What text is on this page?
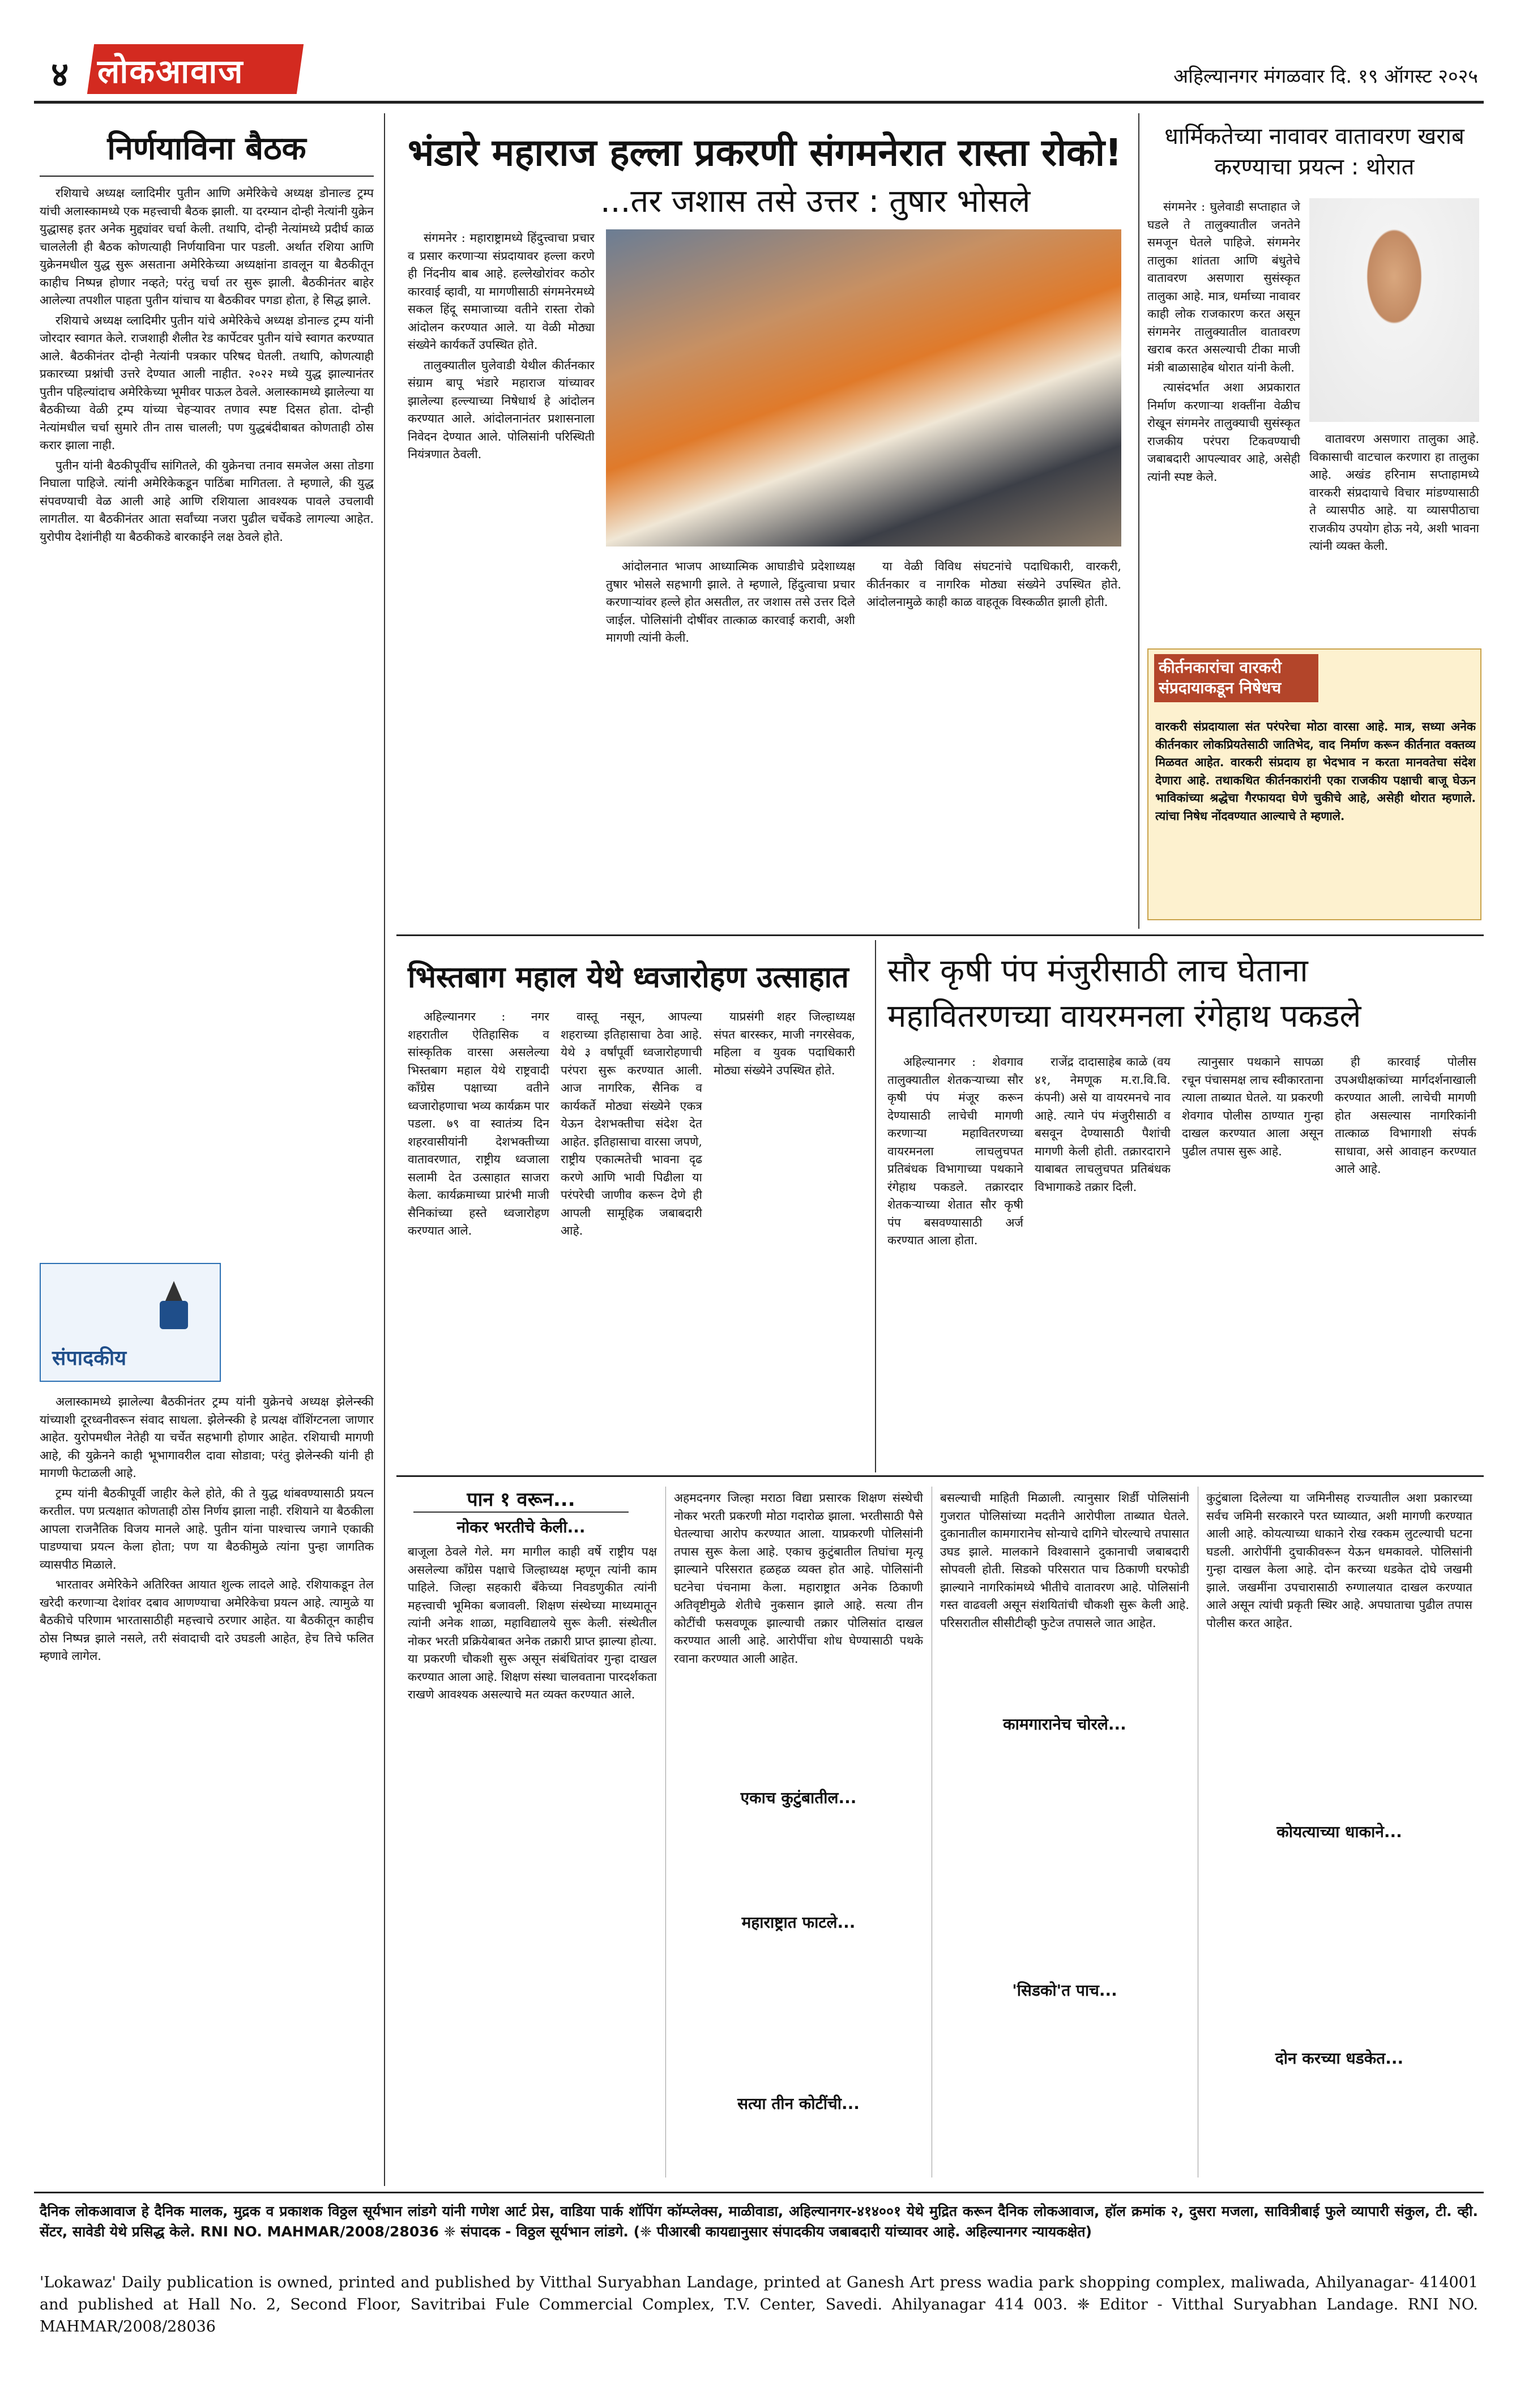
४ लोकआवाज	अहिल्यानगर मंगळवार दि. १९ ऑगस्ट २०२५
निर्णयाविना बैठक

रशियाचे अध्यक्ष व्लादिमीर पुतीन आणि अमेरिकेचे अध्यक्ष डोनाल्ड ट्रम्प यांची अलास्कामध्ये एक महत्त्वाची बैठक झाली. या दरम्यान दोन्ही नेत्यांनी युक्रेन युद्धासह इतर अनेक मुद्द्यांवर चर्चा केली. तथापि, दोन्ही नेत्यांमध्ये प्रदीर्घ काळ चाललेली ही बैठक कोणत्याही निर्णयाविना पार पडली. अर्थात रशिया आणि युक्रेनमधील युद्ध सुरू असताना अमेरिकेच्या अध्यक्षांना डावलून या बैठकीतून काहीच निष्पन्न होणार नव्हते; परंतु चर्चा तर सुरू झाली. बैठकीनंतर बाहेर आलेल्या तपशील पाहता पुतीन यांचाच या बैठकीवर पगडा होता, हे सिद्ध झाले.

रशियाचे अध्यक्ष व्लादिमीर पुतीन यांचे अमेरिकेचे अध्यक्ष डोनाल्ड ट्रम्प यांनी जोरदार स्वागत केले. राजशाही शैलीत रेड कार्पेटवर पुतीन यांचे स्वागत करण्यात आले. बैठकीनंतर दोन्ही नेत्यांनी पत्रकार परिषद घेतली. तथापि, कोणत्याही प्रकारच्या प्रश्नांची उत्तरे देण्यात आली नाहीत. २०२२ मध्ये युद्ध झाल्यानंतर पुतीन पहिल्यांदाच अमेरिकेच्या भूमीवर पाऊल ठेवले. अलास्कामध्ये झालेल्या या बैठकीच्या वेळी ट्रम्प यांच्या चेहऱ्यावर तणाव स्पष्ट दिसत होता. दोन्ही नेत्यांमधील चर्चा सुमारे तीन तास चालली; पण युद्धबंदीबाबत कोणताही ठोस करार झाला नाही.

पुतीन यांनी बैठकीपूर्वीच सांगितले, की युक्रेनचा तनाव समजेल असा तोडगा निघाला पाहिजे. त्यांनी अमेरिकेकडून पाठिंबा मागितला. ते म्हणाले, की युद्ध संपवण्याची वेळ आली आहे आणि रशियाला आवश्यक पावले उचलावी लागतील. या बैठकीनंतर आता सर्वांच्या नजरा पुढील चर्चेकडे लागल्या आहेत. युरोपीय देशांनीही या बैठकीकडे बारकाईने लक्ष ठेवले होते.

संपादकीय

अलास्कामध्ये झालेल्या बैठकीनंतर ट्रम्प यांनी युक्रेनचे अध्यक्ष झेलेन्स्की यांच्याशी दूरध्वनीवरून संवाद साधला. झेलेन्स्की हे प्रत्यक्ष वॉशिंग्टनला जाणार आहेत. युरोपमधील नेतेही या चर्चेत सहभागी होणार आहेत. रशियाची मागणी आहे, की युक्रेनने काही भूभागावरील दावा सोडावा; परंतु झेलेन्स्की यांनी ही मागणी फेटाळली आहे.

ट्रम्प यांनी बैठकीपूर्वी जाहीर केले होते, की ते युद्ध थांबवण्यासाठी प्रयत्न करतील. पण प्रत्यक्षात कोणताही ठोस निर्णय झाला नाही. रशियाने या बैठकीला आपला राजनैतिक विजय मानले आहे. पुतीन यांना पाश्चात्त्य जगाने एकाकी पाडण्याचा प्रयत्न केला होता; पण या बैठकीमुळे त्यांना पुन्हा जागतिक व्यासपीठ मिळाले.

भारतावर अमेरिकेने अतिरिक्त आयात शुल्क लादले आहे. रशियाकडून तेल खरेदी करणाऱ्या देशांवर दबाव आणण्याचा अमेरिकेचा प्रयत्न आहे. त्यामुळे या बैठकीचे परिणाम भारतासाठीही महत्त्वाचे ठरणार आहेत. या बैठकीतून काहीच ठोस निष्पन्न झाले नसले, तरी संवादाची दारे उघडली आहेत, हेच तिचे फलित म्हणावे लागेल.

भंडारे महाराज हल्ला प्रकरणी संगमनेरात रास्ता रोको!
...तर जशास तसे उत्तर : तुषार भोसले

संगमनेर : महाराष्ट्रामध्ये हिंदुत्त्वाचा प्रचार व प्रसार करणाऱ्या संप्रदायावर हल्ला करणे ही निंदनीय बाब आहे. हल्लेखोरांवर कठोर कारवाई व्हावी, या मागणीसाठी संगमनेरमध्ये सकल हिंदू समाजाच्या वतीने रास्ता रोको आंदोलन करण्यात आले. या वेळी मोठ्या संख्येने कार्यकर्ते उपस्थित होते.

तालुक्यातील घुलेवाडी येथील कीर्तनकार संग्राम बापू भंडारे महाराज यांच्यावर झालेल्या हल्ल्याच्या निषेधार्थ हे आंदोलन करण्यात आले. आंदोलनानंतर प्रशासनाला निवेदन देण्यात आले. पोलिसांनी परिस्थिती नियंत्रणात ठेवली.

आंदोलनात भाजप आध्यात्मिक आघाडीचे प्रदेशाध्यक्ष तुषार भोसले सहभागी झाले. ते म्हणाले, हिंदुत्वाचा प्रचार करणाऱ्यांवर हल्ले होत असतील, तर जशास तसे उत्तर दिले जाईल. पोलिसांनी दोषींवर तात्काळ कारवाई करावी, अशी मागणी त्यांनी केली.

या वेळी विविध संघटनांचे पदाधिकारी, वारकरी, कीर्तनकार व नागरिक मोठ्या संख्येने उपस्थित होते. आंदोलनामुळे काही काळ वाहतूक विस्कळीत झाली होती.

धार्मिकतेच्या नावावर वातावरण खराब करण्याचा प्रयत्न : थोरात

संगमनेर : घुलेवाडी सप्ताहात जे घडले ते तालुक्यातील जनतेने समजून घेतले पाहिजे. संगमनेर तालुका शांतता आणि बंधुतेचे वातावरण असणारा सुसंस्कृत तालुका आहे. मात्र, धर्माच्या नावावर काही लोक राजकारण करत असून संगमनेर तालुक्यातील वातावरण खराब करत असल्याची टीका माजी मंत्री बाळासाहेब थोरात यांनी केली.

त्यासंदर्भात अशा अप्रकारात निर्माण करणाऱ्या शक्तींना वेळीच रोखून संगमनेर तालुक्याची सुसंस्कृत राजकीय परंपरा टिकवण्याची जबाबदारी आपल्यावर आहे, असेही त्यांनी स्पष्ट केले.

वातावरण असणारा तालुका आहे. विकासाची वाटचाल करणारा हा तालुका आहे. अखंड हरिनाम सप्ताहामध्ये वारकरी संप्रदायाचे विचार मांडण्यासाठी ते व्यासपीठ आहे. या व्यासपीठाचा राजकीय उपयोग होऊ नये, अशी भावना त्यांनी व्यक्त केली.

कीर्तनकारांचा वारकरी संप्रदायाकडून निषेधच
वारकरी संप्रदायाला संत परंपरेचा मोठा वारसा आहे. मात्र, सध्या अनेक कीर्तनकार लोकप्रियतेसाठी जातिभेद, वाद निर्माण करून कीर्तनात वक्तव्य मिळवत आहेत. वारकरी संप्रदाय हा भेदभाव न करता मानवतेचा संदेश देणारा आहे. तथाकथित कीर्तनकारांनी एका राजकीय पक्षाची बाजू घेऊन भाविकांच्या श्रद्धेचा गैरफायदा घेणे चुकीचे आहे, असेही थोरात म्हणाले. त्यांचा निषेध नोंदवण्यात आल्याचे ते म्हणाले.
भिस्तबाग महाल येथे ध्वजारोहण उत्साहात

अहिल्यानगर : नगर शहरातील ऐतिहासिक व सांस्कृतिक वारसा असलेल्या भिस्तबाग महाल येथे राष्ट्रवादी काँग्रेस पक्षाच्या वतीने ध्वजारोहणाचा भव्य कार्यक्रम पार पडला. ७९ वा स्वातंत्र्य दिन शहरवासीयांनी देशभक्तीच्या वातावरणात, राष्ट्रीय ध्वजाला सलामी देत उत्साहात साजरा केला. कार्यक्रमाच्या प्रारंभी माजी सैनिकांच्या हस्ते ध्वजारोहण करण्यात आले.

वास्तू नसून, आपल्या शहराच्या इतिहासाचा ठेवा आहे. येथे ३ वर्षांपूर्वी ध्वजारोहणाची परंपरा सुरू करण्यात आली. आज नागरिक, सैनिक व कार्यकर्ते मोठ्या संख्येने एकत्र येऊन देशभक्तीचा संदेश देत आहेत. इतिहासाचा वारसा जपणे, राष्ट्रीय एकात्मतेची भावना दृढ करणे आणि भावी पिढीला या परंपरेची जाणीव करून देणे ही आपली सामूहिक जबाबदारी आहे.

याप्रसंगी शहर जिल्हाध्यक्ष संपत बारस्कर, माजी नगरसेवक, महिला व युवक पदाधिकारी मोठ्या संख्येने उपस्थित होते.

सौर कृषी पंप मंजुरीसाठी लाच घेताना
महावितरणच्या वायरमनला रंगेहाथ पकडले

अहिल्यानगर : शेवगाव तालुक्यातील शेतकऱ्याच्या सौर कृषी पंप मंजूर करून देण्यासाठी लाचेची मागणी करणाऱ्या महावितरणच्या वायरमनला लाचलुचपत प्रतिबंधक विभागाच्या पथकाने रंगेहाथ पकडले. तक्रारदार शेतकऱ्याच्या शेतात सौर कृषी पंप बसवण्यासाठी अर्ज करण्यात आला होता.

राजेंद्र दादासाहेब काळे (वय ४१, नेमणूक म.रा.वि.वि. कंपनी) असे या वायरमनचे नाव आहे. त्याने पंप मंजुरीसाठी व बसवून देण्यासाठी पैशांची मागणी केली होती. तक्रारदाराने याबाबत लाचलुचपत प्रतिबंधक विभागाकडे तक्रार दिली.

त्यानुसार पथकाने सापळा रचून पंचासमक्ष लाच स्वीकारताना त्याला ताब्यात घेतले. या प्रकरणी शेवगाव पोलीस ठाण्यात गुन्हा दाखल करण्यात आला असून पुढील तपास सुरू आहे.

ही कारवाई पोलीस उपअधीक्षकांच्या मार्गदर्शनाखाली करण्यात आली. लाचेची मागणी होत असल्यास नागरिकांनी तात्काळ विभागाशी संपर्क साधावा, असे आवाहन करण्यात आले आहे.

पान १ वरून...
नोकर भरतीचे केली...
बाजूला ठेवले गेले. मग मागील काही वर्षे राष्ट्रीय पक्ष असलेल्या काँग्रेस पक्षाचे जिल्हाध्यक्ष म्हणून त्यांनी काम पाहिले. जिल्हा सहकारी बँकेच्या निवडणुकीत त्यांनी महत्त्वाची भूमिका बजावली. शिक्षण संस्थेच्या माध्यमातून त्यांनी अनेक शाळा, महाविद्यालये सुरू केली. संस्थेतील नोकर भरती प्रक्रियेबाबत अनेक तक्रारी प्राप्त झाल्या होत्या. या प्रकरणी चौकशी सुरू असून संबंधितांवर गुन्हा दाखल करण्यात आला आहे. शिक्षण संस्था चालवताना पारदर्शकता राखणे आवश्यक असल्याचे मत व्यक्त करण्यात आले.
अहमदनगर जिल्हा मराठा विद्या प्रसारक शिक्षण संस्थेची नोकर भरती प्रकरणी मोठा गदारोळ झाला. भरतीसाठी पैसे घेतल्याचा आरोप करण्यात आला. याप्रकरणी पोलिसांनी तपास सुरू केला आहे. एकाच कुटुंबातील तिघांचा मृत्यू झाल्याने परिसरात हळहळ व्यक्त होत आहे. पोलिसांनी घटनेचा पंचनामा केला. महाराष्ट्रात अनेक ठिकाणी अतिवृष्टीमुळे शेतीचे नुकसान झाले आहे. सत्या तीन कोटींची फसवणूक झाल्याची तक्रार पोलिसांत दाखल करण्यात आली आहे. आरोपींचा शोध घेण्यासाठी पथके रवाना करण्यात आली आहेत.
एकाच कुटुंबातील...
महाराष्ट्रात फाटले...
सत्या तीन कोटींची...
बसल्याची माहिती मिळाली. त्यानुसार शिर्डी पोलिसांनी गुजरात पोलिसांच्या मदतीने आरोपीला ताब्यात घेतले. दुकानातील कामगारानेच सोन्याचे दागिने चोरल्याचे तपासात उघड झाले. मालकाने विश्वासाने दुकानाची जबाबदारी सोपवली होती. सिडको परिसरात पाच ठिकाणी घरफोडी झाल्याने नागरिकांमध्ये भीतीचे वातावरण आहे. पोलिसांनी गस्त वाढवली असून संशयितांची चौकशी सुरू केली आहे. परिसरातील सीसीटीव्ही फुटेज तपासले जात आहेत.
कामगारानेच चोरले...
'सिडको'त पाच...
कुटुंबाला दिलेल्या या जमिनीसह राज्यातील अशा प्रकारच्या सर्वच जमिनी सरकारने परत घ्याव्यात, अशी मागणी करण्यात आली आहे. कोयत्याच्या धाकाने रोख रक्कम लुटल्याची घटना घडली. आरोपींनी दुचाकीवरून येऊन धमकावले. पोलिसांनी गुन्हा दाखल केला आहे. दोन करच्या धडकेत दोघे जखमी झाले. जखमींना उपचारासाठी रुग्णालयात दाखल करण्यात आले असून त्यांची प्रकृती स्थिर आहे. अपघाताचा पुढील तपास पोलीस करत आहेत.
कोयत्याच्या धाकाने...
दोन करच्या धडकेत...
दैनिक लोकआवाज हे दैनिक मालक, मुद्रक व प्रकाशक विठ्ठल सूर्यभान लांडगे यांनी गणेश आर्ट प्रेस, वाडिया पार्क शॉपिंग कॉम्प्लेक्स, माळीवाडा, अहिल्यानगर-४१४००१ येथे मुद्रित करून दैनिक लोकआवाज, हॉल क्रमांक २, दुसरा मजला, सावित्रीबाई फुले व्यापारी संकुल, टी. व्ही. सेंटर, सावेडी येथे प्रसिद्ध केले. RNI NO. MAHMAR/2008/28036 ❈ संपादक - विठ्ठल सूर्यभान लांडगे. (❈ पीआरबी कायद्यानुसार संपादकीय जबाबदारी यांच्यावर आहे. अहिल्यानगर न्यायकक्षेत)
'Lokawaz' Daily publication is owned, printed and published by Vitthal Suryabhan Landage, printed at Ganesh Art press wadia park shopping complex, maliwada, Ahilyanagar- 414001 and published at Hall No. 2, Second Floor, Savitribai Fule Commercial Complex, T.V. Center, Savedi. Ahilyanagar 414 003. ❈ Editor - Vitthal Suryabhan Landage. RNI NO. MAHMAR/2008/28036
